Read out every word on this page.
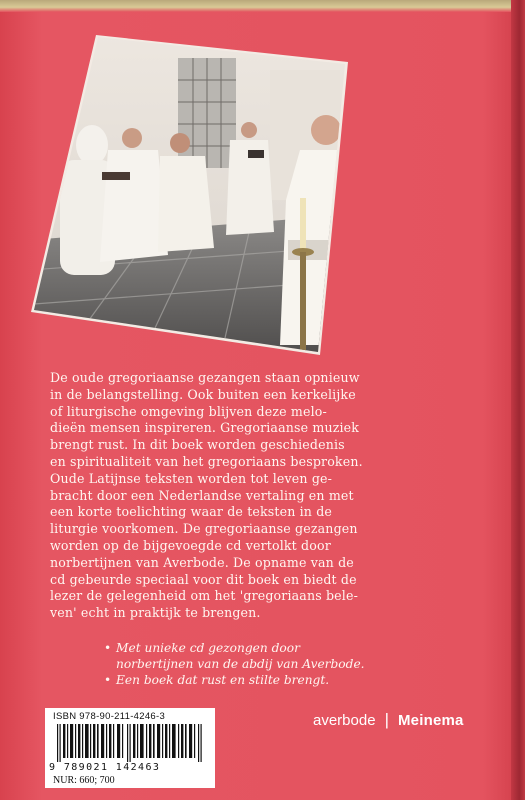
De oude gregoriaanse gezangen staan opnieuw
in de belangstelling. Ook buiten een kerkelijke
of liturgische omgeving blijven deze melo-
dieën mensen inspireren. Gregoriaanse muziek
brengt rust. In dit boek worden geschiedenis
en spiritualiteit van het gregoriaans besproken.
Oude Latijnse teksten worden tot leven ge-
bracht door een Nederlandse vertaling en met
een korte toelichting waar de teksten in de
liturgie voorkomen. De gregoriaanse gezangen
worden op de bijgevoegde cd vertolkt door
norbertijnen van Averbode. De opname van de
cd gebeurde speciaal voor dit boek en biedt de
lezer de gelegenheid om het 'gregoriaans bele-
ven' echt in praktijk te brengen.
• Met unieke cd gezongen door
norbertijnen van de abdij van Averbode.
• Een boek dat rust en stilte brengt.
ISBN 978-90-211-4246-3
9 789021 142463
NUR: 660; 700
averbode | Meinema
